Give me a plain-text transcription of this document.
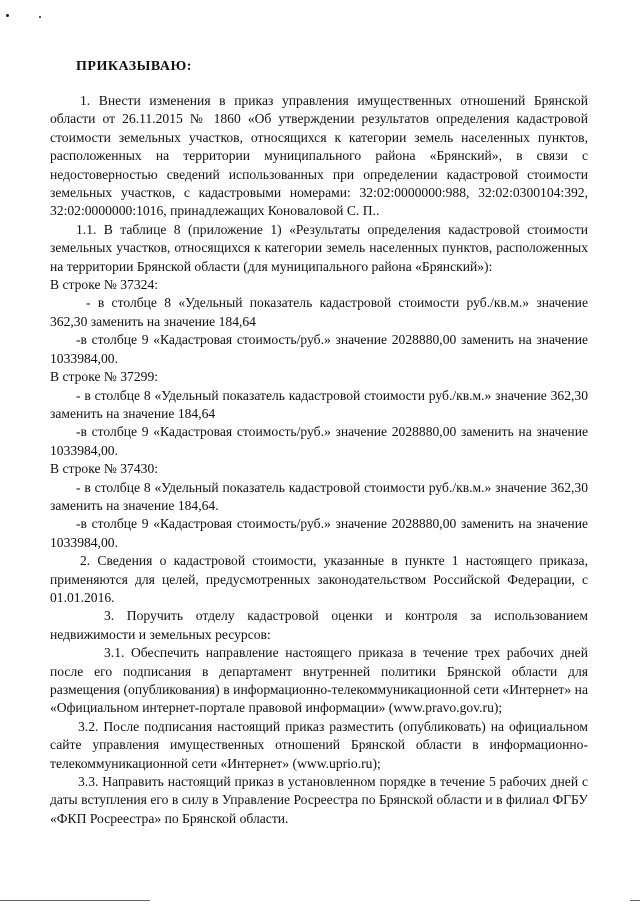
ПРИКАЗЫВАЮ:

1. Внести изменения в приказ управления имущественных отношений Брянской области от 26.11.2015 № 1860 «Об утверждении результатов определения кадастровой стоимости земельных участков, относящихся к категории земель населенных пунктов, расположенных на территории муниципального района «Брянский», в связи с недостоверностью сведений использованных при определении кадастровой стоимости земельных участков, с кадастровыми номерами: 32:02:0000000:988, 32:02:0300104:392, 32:02:0000000:1016, принадлежащих Коноваловой С. П..

1.1. В таблице 8 (приложение 1) «Результаты определения кадастровой стоимости земельных участков, относящихся к категории земель населенных пунктов, расположенных на территории Брянской области (для муниципального района «Брянский»):

В строке № 37324:

- в столбце 8 «Удельный показатель кадастровой стоимости руб./кв.м.» значение 362,30 заменить на значение 184,64

-в столбце 9 «Кадастровая стоимость/руб.» значение 2028880,00 заменить на значение 1033984,00.

В строке № 37299:

- в столбце 8 «Удельный показатель кадастровой стоимости руб./кв.м.» значение 362,30 заменить на значение 184,64

-в столбце 9 «Кадастровая стоимость/руб.» значение 2028880,00 заменить на значение 1033984,00.

В строке № 37430:

- в столбце 8 «Удельный показатель кадастровой стоимости руб./кв.м.» значение 362,30 заменить на значение 184,64.

-в столбце 9 «Кадастровая стоимость/руб.» значение 2028880,00 заменить на значение 1033984,00.

2. Сведения о кадастровой стоимости, указанные в пункте 1 настоящего приказа, применяются для целей, предусмотренных законодательством Российской Федерации, с 01.01.2016.

3. Поручить отделу кадастровой оценки и контроля за использованием недвижимости и земельных ресурсов:

3.1. Обеспечить направление настоящего приказа в течение трех рабочих дней после его подписания в департамент внутренней политики Брянской области для размещения (опубликования) в информационно-телекоммуникационной сети «Интернет» на «Официальном интернет-портале правовой информации» (www.pravo.gov.ru);

3.2. После подписания настоящий приказ разместить (опубликовать) на официальном сайте управления имущественных отношений Брянской области в информационно-телекоммуникационной сети «Интернет» (www.uprio.ru);

3.3. Направить настоящий приказ в установленном порядке в течение 5 рабочих дней с даты вступления его в силу в Управление Росреестра по Брянской области и в филиал ФГБУ «ФКП Росреестра» по Брянской области.
